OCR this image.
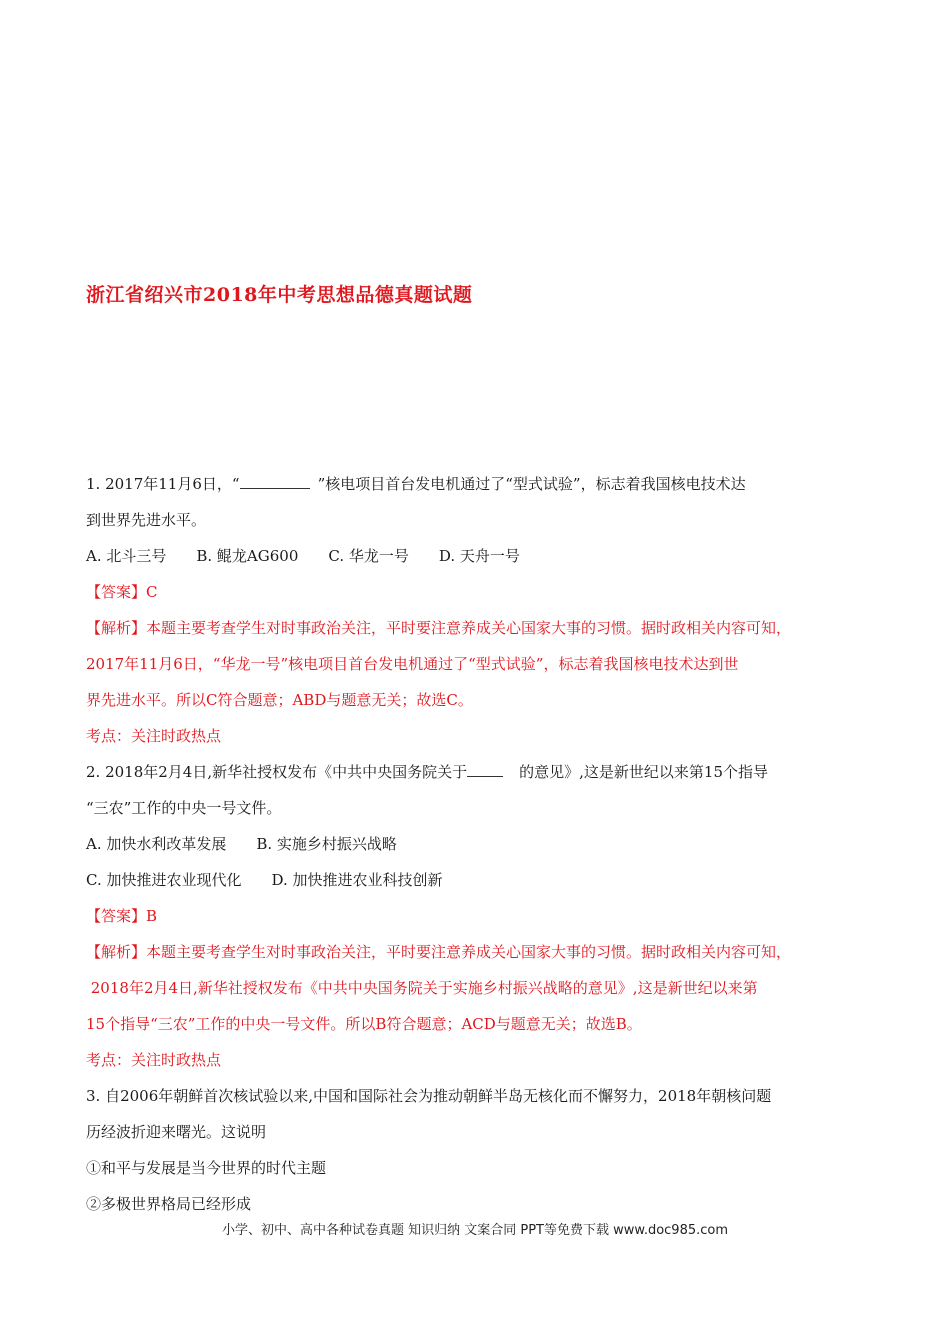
浙江省绍兴市2018年中考思想品德真题试题
1. 2017年11月6日，“	”核电项目首台发电机通过了“型式试验”，标志着我国核电技术达
到世界先进水平。
A. 北斗三号 B. 鲲龙AG600 C. 华龙一号 D. 天舟一号
【答案】C
【解析】本题主要考查学生对时事政治关注，平时要注意养成关心国家大事的习惯。据时政相关内容可知，
2017年11月6日，“华龙一号”核电项目首台发电机通过了“型式试验”，标志着我国核电技术达到世
界先进水平。所以C符合题意；ABD与题意无关；故选C。
考点：关注时政热点
2. 2018年2月4日,新华社授权发布《中共中央国务院关于	的意见》,这是新世纪以来第15个指导
“三农”工作的中央一号文件。
A. 加快水利改革发展 B. 实施乡村振兴战略
C. 加快推进农业现代化 D. 加快推进农业科技创新
【答案】B
【解析】本题主要考查学生对时事政治关注，平时要注意养成关心国家大事的习惯。据时政相关内容可知，
2018年2月4日,新华社授权发布《中共中央国务院关于实施乡村振兴战略的意见》,这是新世纪以来第
15个指导“三农”工作的中央一号文件。所以B符合题意；ACD与题意无关；故选B。
考点：关注时政热点
3. 自2006年朝鲜首次核试验以来,中国和国际社会为推动朝鲜半岛无核化而不懈努力，2018年朝核问题
历经波折迎来曙光。这说明
①和平与发展是当今世界的时代主题
②多极世界格局已经形成
小学、初中、高中各种试卷真题 知识归纳 文案合同 PPT等免费下载 www.doc985.com
